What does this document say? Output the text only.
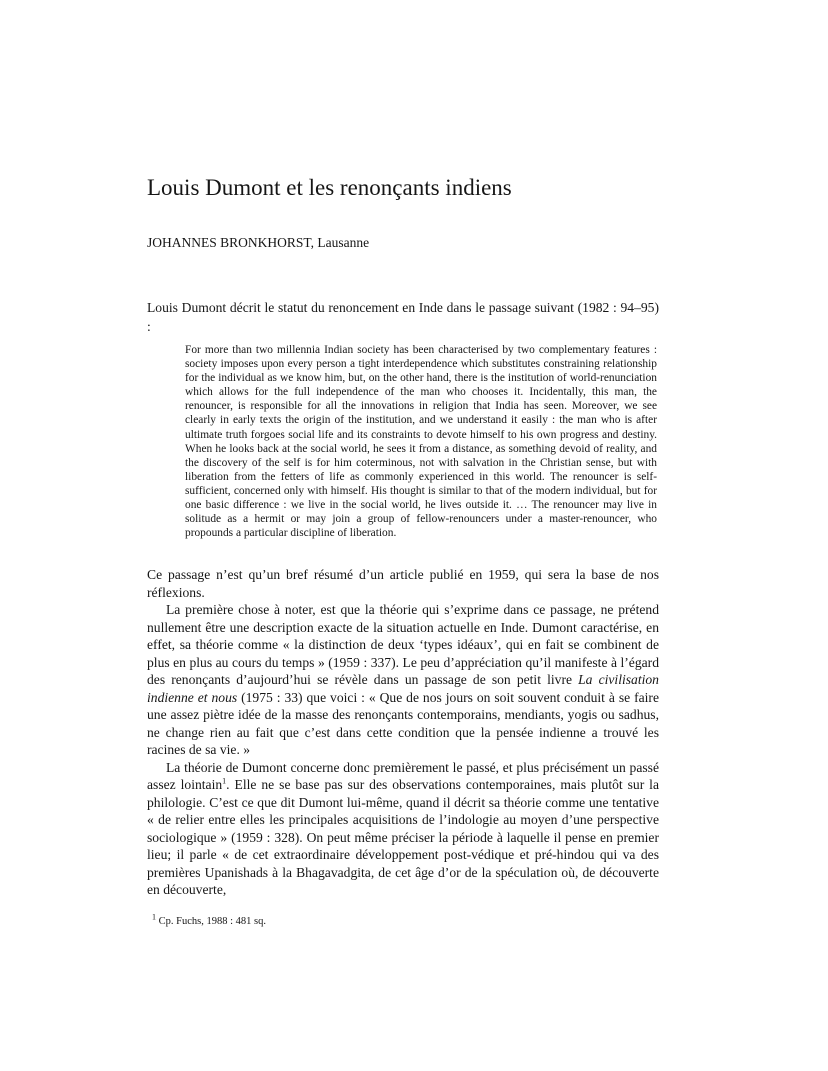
Louis Dumont et les renonçants indiens
JOHANNES BRONKHORST, Lausanne

Louis Dumont décrit le statut du renoncement en Inde dans le passage suivant (1982 : 94–95) :

For more than two millennia Indian society has been characterised by two complementary features : society imposes upon every person a tight interdependence which substitutes constraining relationship for the individual as we know him, but, on the other hand, there is the institution of world-renunciation which allows for the full independence of the man who chooses it. Incidentally, this man, the renouncer, is responsible for all the innovations in religion that India has seen. Moreover, we see clearly in early texts the origin of the institution, and we understand it easily : the man who is after ultimate truth forgoes social life and its constraints to devote himself to his own progress and destiny. When he looks back at the social world, he sees it from a distance, as something devoid of reality, and the discovery of the self is for him coterminous, not with salvation in the Christian sense, but with liberation from the fetters of life as commonly experienced in this world. The renouncer is self-sufficient, concerned only with himself. His thought is similar to that of the modern individual, but for one basic difference : we live in the social world, he lives outside it. … The renouncer may live in solitude as a hermit or may join a group of fellow-renouncers under a master-renouncer, who propounds a particular discipline of liberation.

Ce passage n’est qu’un bref résumé d’un article publié en 1959, qui sera la base de nos réflexions.

La première chose à noter, est que la théorie qui s’exprime dans ce passage, ne prétend nullement être une description exacte de la situation actuelle en Inde. Dumont caractérise, en effet, sa théorie comme « la distinction de deux ‘types idéaux’, qui en fait se combinent de plus en plus au cours du temps » (1959 : 337). Le peu d’appréciation qu’il manifeste à l’égard des renonçants d’aujourd’hui se révèle dans un passage de son petit livre La civilisation indienne et nous (1975 : 33) que voici : « Que de nos jours on soit souvent conduit à se faire une assez piètre idée de la masse des renonçants contemporains, mendiants, yogis ou sadhus, ne change rien au fait que c’est dans cette condition que la pensée indienne a trouvé les racines de sa vie. »

La théorie de Dumont concerne donc premièrement le passé, et plus précisément un passé assez lointain$^1$. Elle ne se base pas sur des observations contemporaines, mais plutôt sur la philologie. C’est ce que dit Dumont lui-même, quand il décrit sa théorie comme une tentative « de relier entre elles les principales acquisitions de l’indologie au moyen d’une perspective sociologique » (1959 : 328). On peut même préciser la période à laquelle il pense en premier lieu; il parle « de cet extraordinaire développement post-védique et pré-hindou qui va des premières Upanishads à la Bhagavadgita, de cet âge d’or de la spéculation où, de découverte en découverte,

$^1$ Cp. Fuchs, 1988 : 481 sq.
